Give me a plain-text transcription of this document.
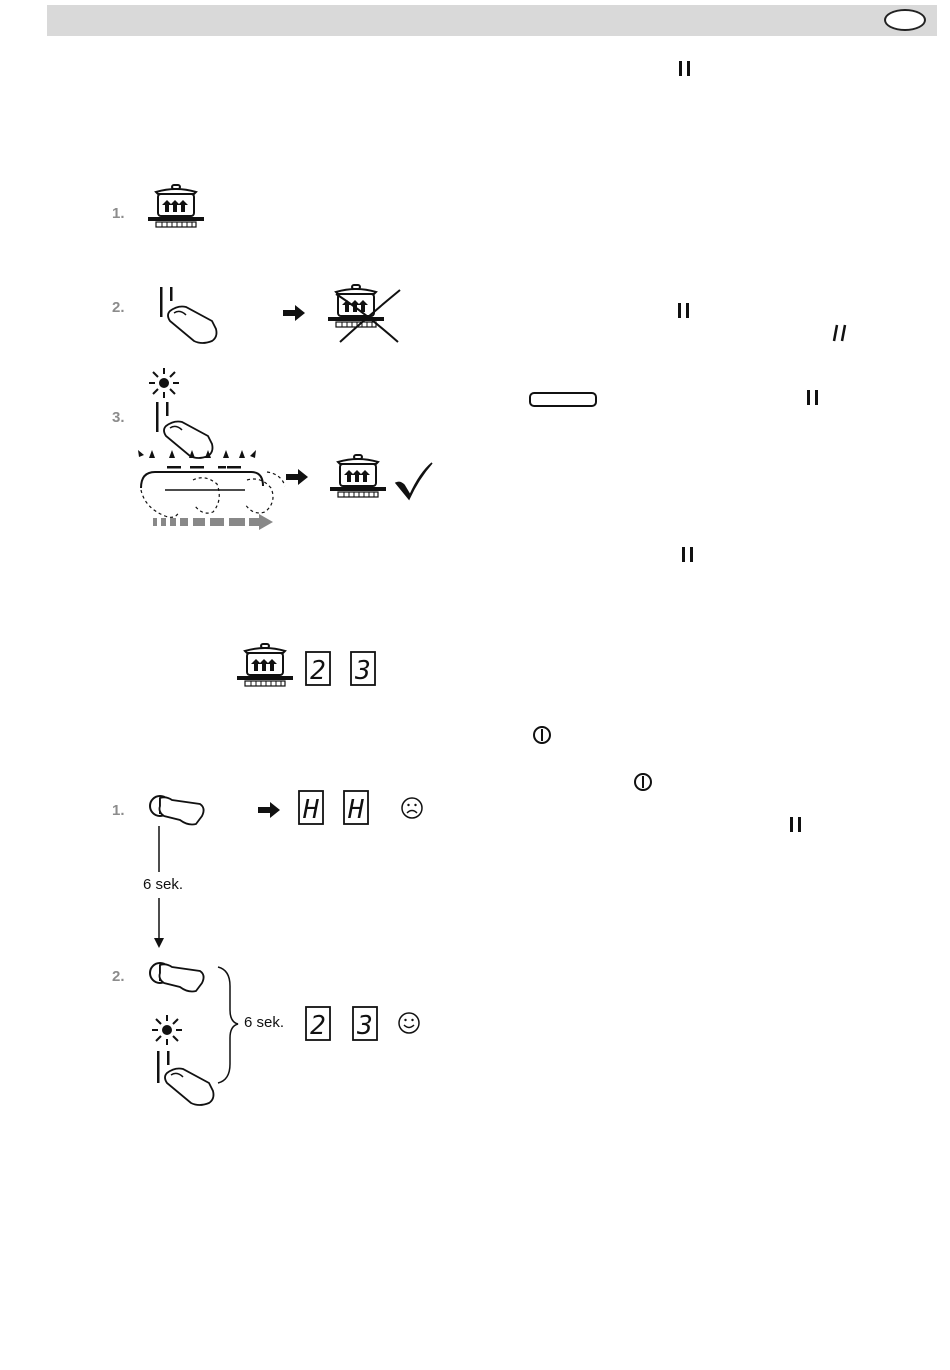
1.
2.
3.
2 3
1.	H H
6 sek.
2.
6 sek. 2 3
